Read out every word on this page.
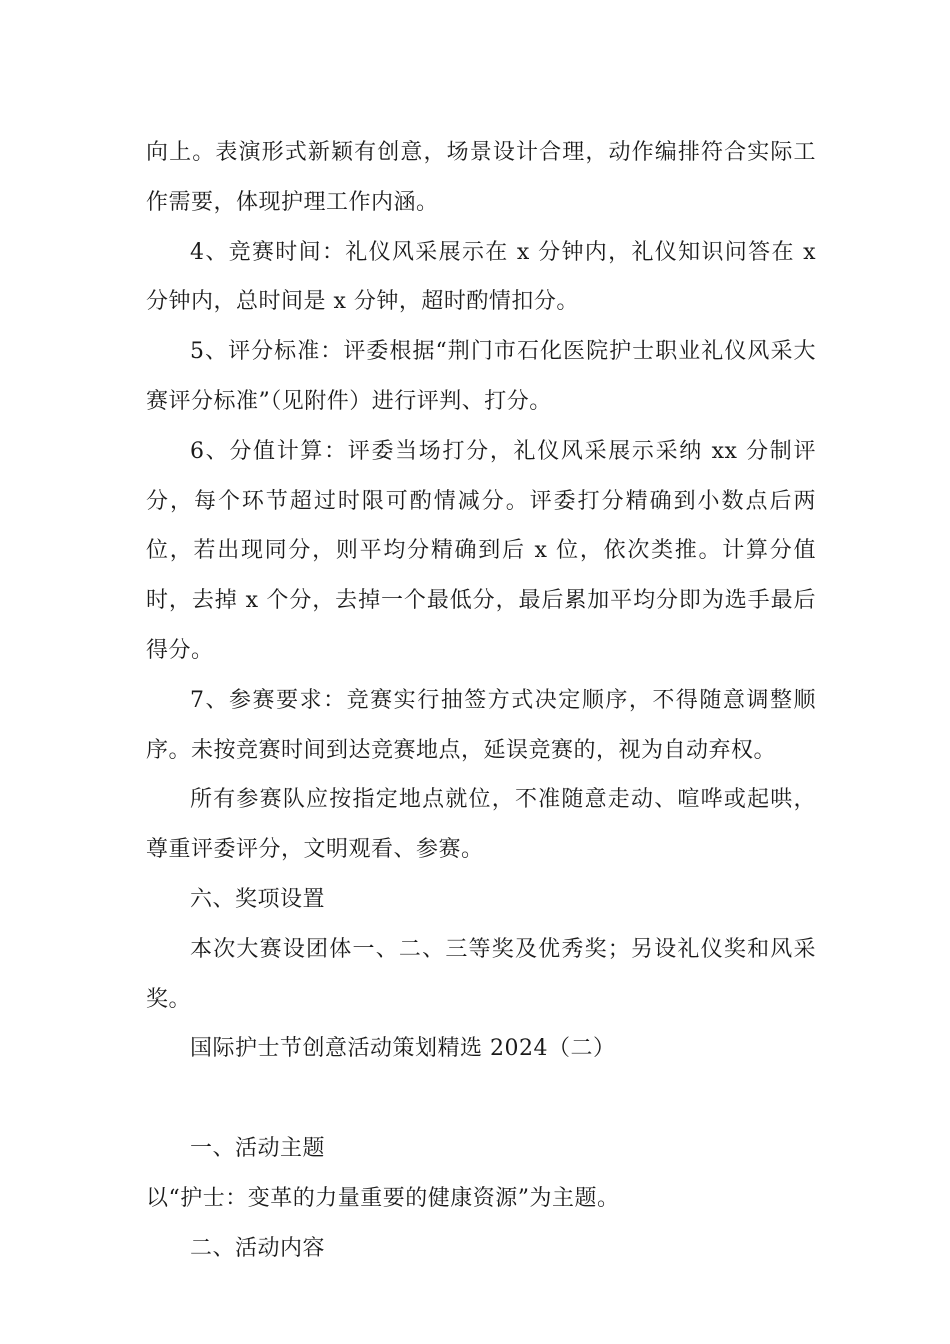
向上。表演形式新颖有创意，场景设计合理，动作编排符合实际工作需要，体现护理工作内涵。

4、竞赛时间：礼仪风采展示在 x 分钟内，礼仪知识问答在 x 分钟内，总时间是 x 分钟，超时酌情扣分。

5、评分标准：评委根据“荆门市石化医院护士职业礼仪风采大赛评分标准”（见附件）进行评判、打分。

6、分值计算：评委当场打分，礼仪风采展示采纳 xx 分制评分，每个环节超过时限可酌情减分。评委打分精确到小数点后两位，若出现同分，则平均分精确到后 x 位，依次类推。计算分值时，去掉 x 个分，去掉一个最低分，最后累加平均分即为选手最后得分。

7、参赛要求：竞赛实行抽签方式决定顺序，不得随意调整顺序。未按竞赛时间到达竞赛地点，延误竞赛的，视为自动弃权。

所有参赛队应按指定地点就位，不准随意走动、喧哗或起哄，尊重评委评分，文明观看、参赛。

六、奖项设置

本次大赛设团体一、二、三等奖及优秀奖；另设礼仪奖和风采奖。

国际护士节创意活动策划精选 2024（二）

一、活动主题

以“护士：变革的力量重要的健康资源”为主题。

二、活动内容
